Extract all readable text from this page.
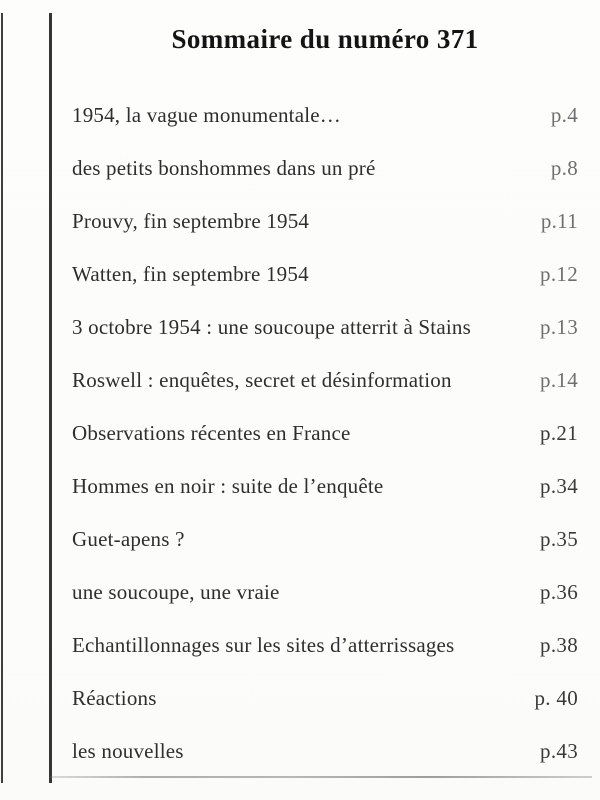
Sommaire du numéro 371
1954, la vague monumentale…	p.4
des petits bonshommes dans un pré	p.8
Prouvy, fin septembre 1954	p.11
Watten, fin septembre 1954	p.12
3 octobre 1954 : une soucoupe atterrit à Stains	p.13
Roswell : enquêtes, secret et désinformation	p.14
Observations récentes en France	p.21
Hommes en noir : suite de l’enquête	p.34
Guet-apens ?	p.35
une soucoupe, une vraie	p.36
Echantillonnages sur les sites d’atterrissages	p.38
Réactions	p. 40
les nouvelles	p.43
